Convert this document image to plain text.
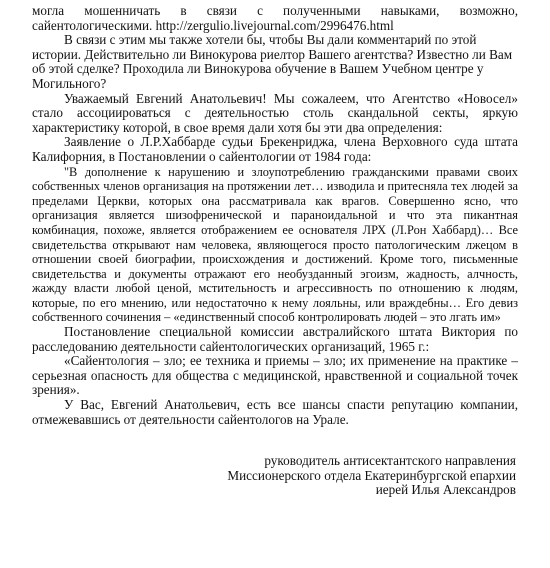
могла мошенничать в связи с полученными навыками, возможно, сайентологическими. http://zergulio.livejournal.com/2996476.html

В связи с этим мы также хотели бы, чтобы Вы дали комментарий по этой истории. Действительно ли Винокурова риелтор Вашего агентства? Известно ли Вам об этой сделке? Проходила ли Винокурова обучение в Вашем Учебном центре у Могильного?

Уважаемый Евгений Анатольевич! Мы сожалеем, что Агентство «Новосел» стало ассоциироваться с деятельностью столь скандальной секты, яркую характеристику которой, в свое время дали хотя бы эти два определения:

Заявление о Л.Р.Хаббарде судьи Брекенриджа, члена Верховного суда штата Калифорния, в Постановлении о сайентологии от 1984 года:

"В дополнение к нарушению и злоупотреблению гражданскими правами своих собственных членов организация на протяжении лет… изводила и притесняла тех людей за пределами Церкви, которых она рассматривала как врагов. Совершенно ясно, что организация является шизофренической и параноидальной и что эта пикантная комбинация, похоже, является отображением ее основателя ЛРХ (Л.Рон Хаббард)… Все свидетельства открывают нам человека, являющегося просто патологическим лжецом в отношении своей биографии, происхождения и достижений. Кроме того, письменные свидетельства и документы отражают его необузданный эгоизм, жадность, алчность, жажду власти любой ценой, мстительность и агрессивность по отношению к людям, которые, по его мнению, или недостаточно к нему лояльны, или враждебны… Его девиз собственного сочинения – «единственный способ контролировать людей – это лгать им»

Постановление специальной комиссии австралийского штата Виктория по расследованию деятельности сайентологических организаций, 1965 г.:

«Сайентология – зло; ее техника и приемы – зло; их применение на практике – серьезная опасность для общества с медицинской, нравственной и социальной точек зрения».

У Вас, Евгений Анатольевич, есть все шансы спасти репутацию компании, отмежевавшись от деятельности сайентологов на Урале.

руководитель антисектантского направления
Миссионерского отдела Екатеринбургской епархии
иерей Илья Александров
